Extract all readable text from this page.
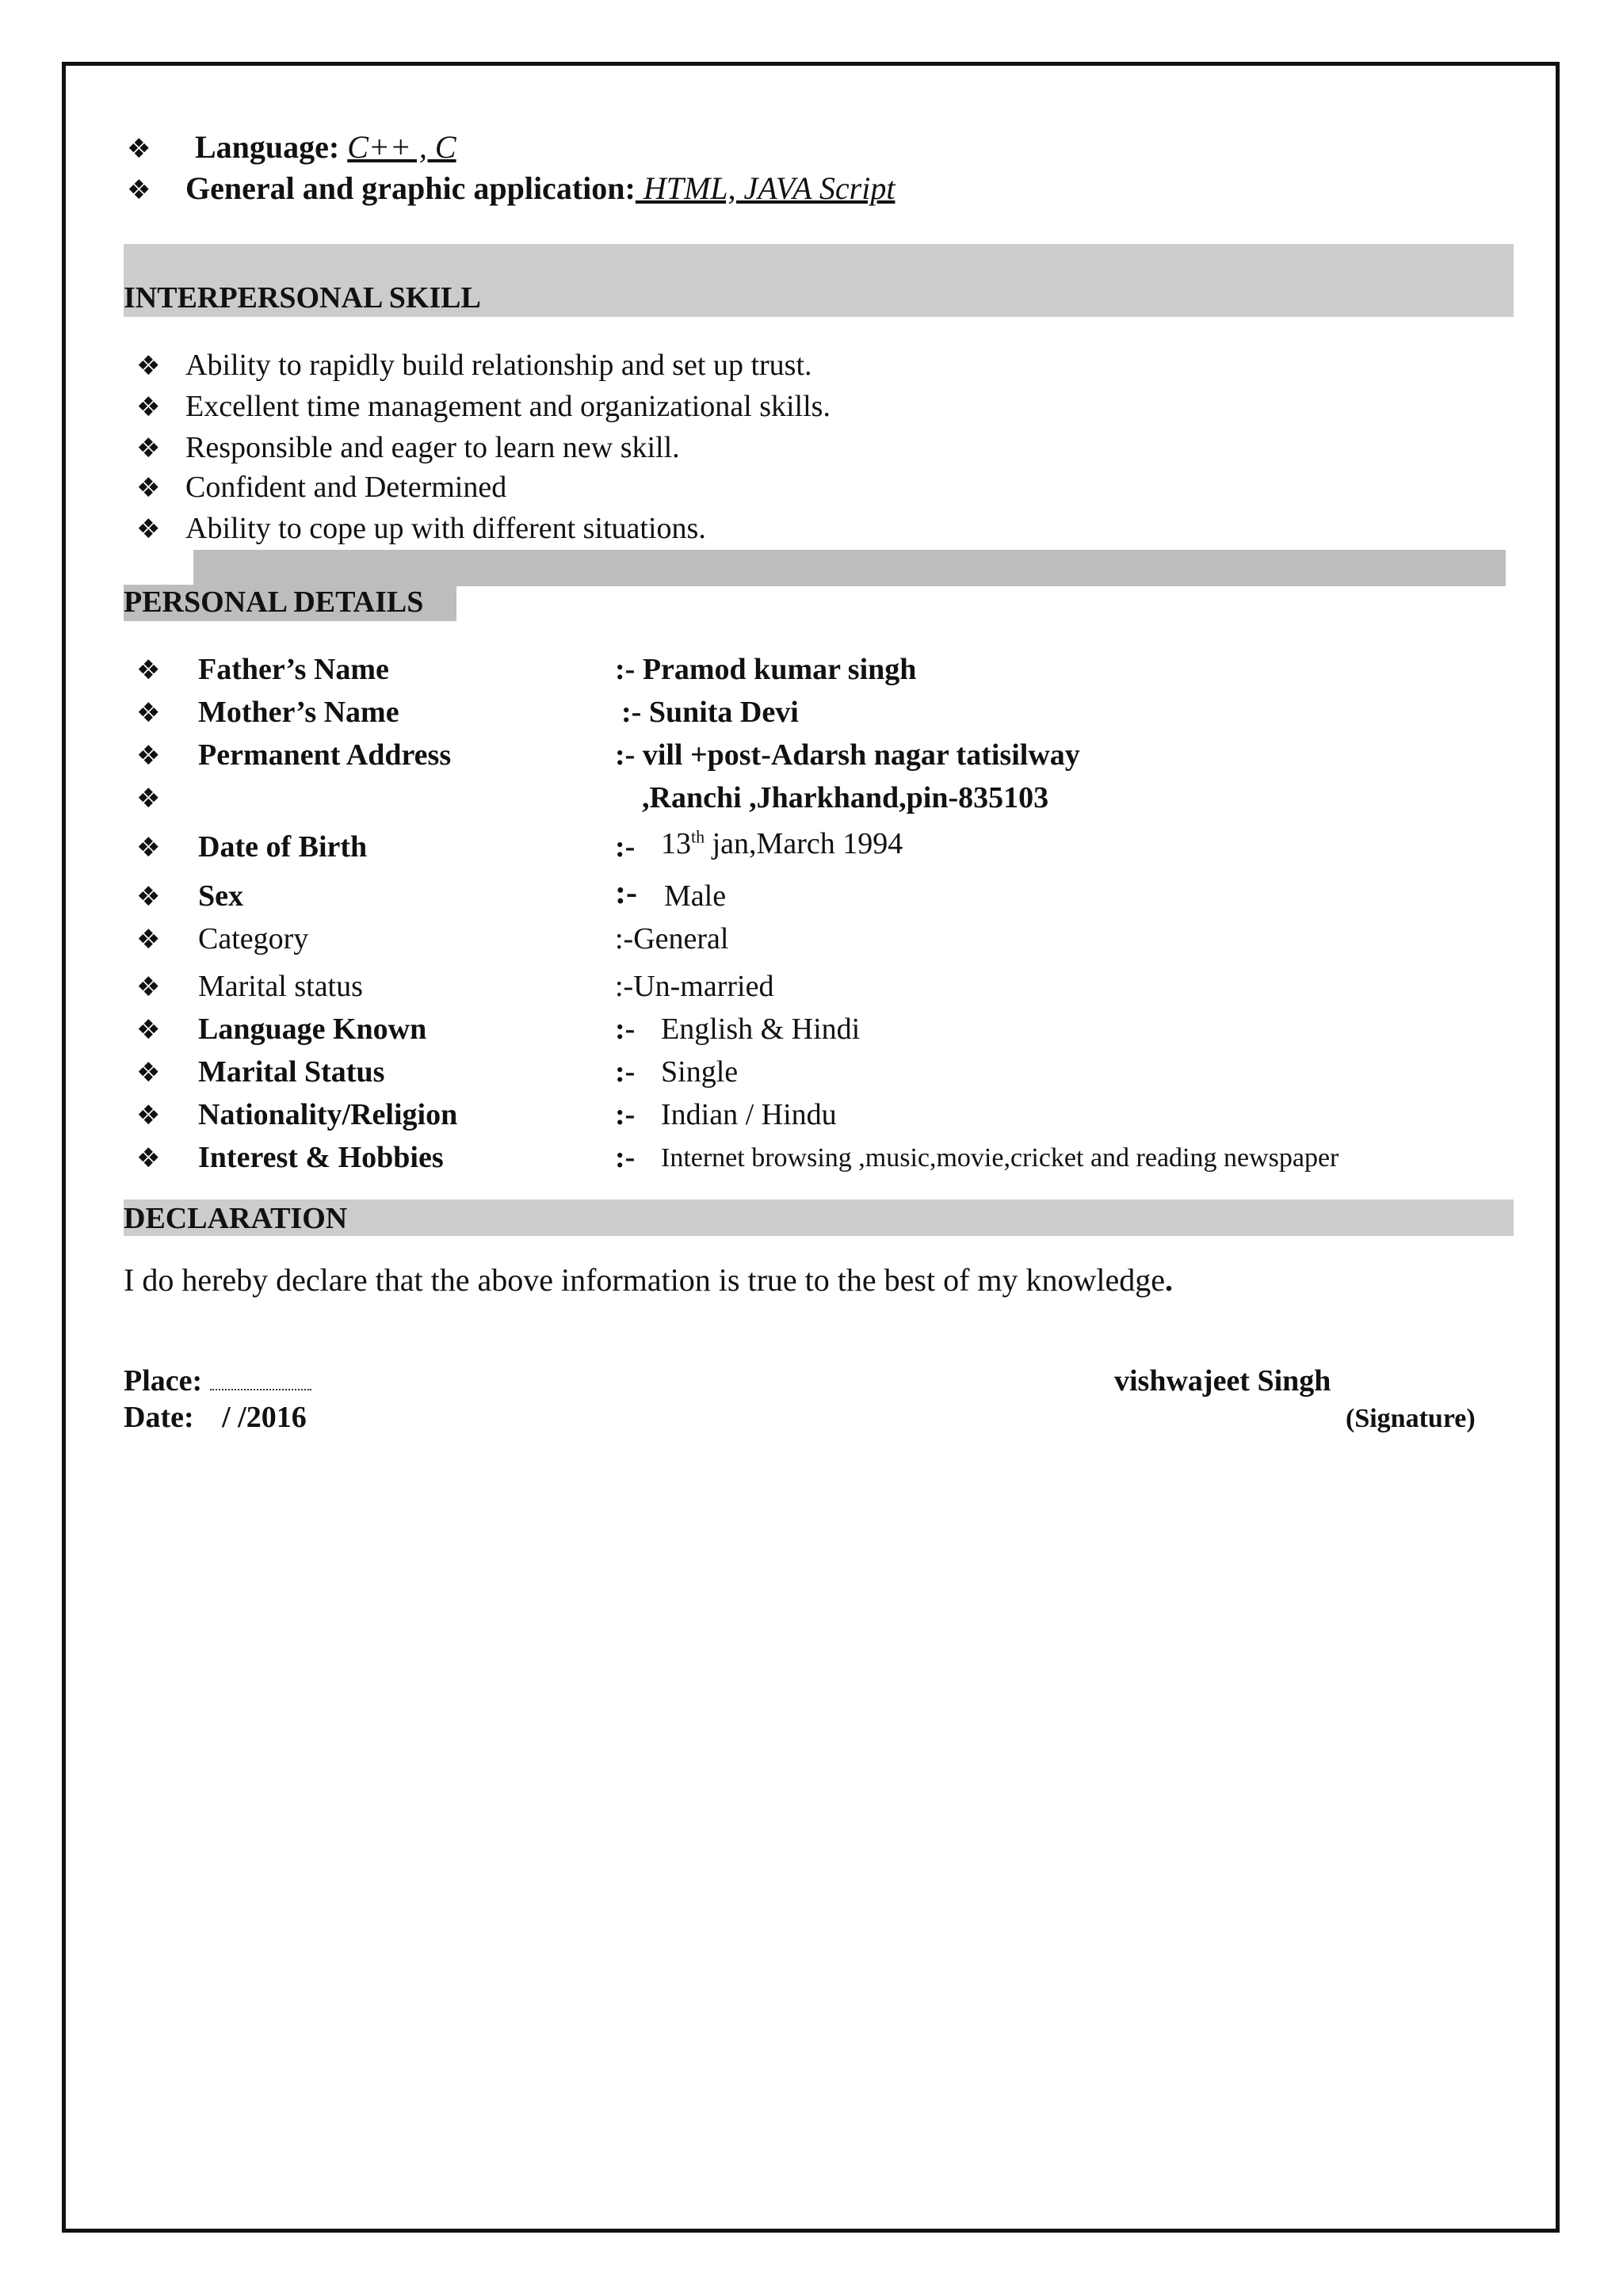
❖ Language: C++ , C
❖ General and graphic application: HTML, JAVA Script
INTERPERSONAL SKILL
❖ Ability to rapidly build relationship and set up trust.
❖ Excellent time management and organizational skills.
❖ Responsible and eager to learn new skill.
❖ Confident and Determined
❖ Ability to cope up with different situations.
PERSONAL DETAILS
❖ Father’s Name	:- Pramod kumar singh
❖ Mother’s Name	:- Sunita Devi
❖ Permanent Address	:- vill +post-Adarsh nagar tatisilway
❖	,Ranchi ,Jharkhand,pin-835103
❖ Date of Birth	:- 13th jan,March 1994
❖ Sex	:- Male
❖ Category	:-General
❖ Marital status	:-Un-married
❖ Language Known	:- English & Hindi
❖ Marital Status	:- Single
❖ Nationality/Religion	:- Indian / Hindu
❖ Interest & Hobbies	:- Internet browsing ,music,movie,cricket and reading newspaper
DECLARATION
I do hereby declare that the above information is true to the best of my knowledge.
Place:
Date: / /2016
vishwajeet Singh
(Signature)
